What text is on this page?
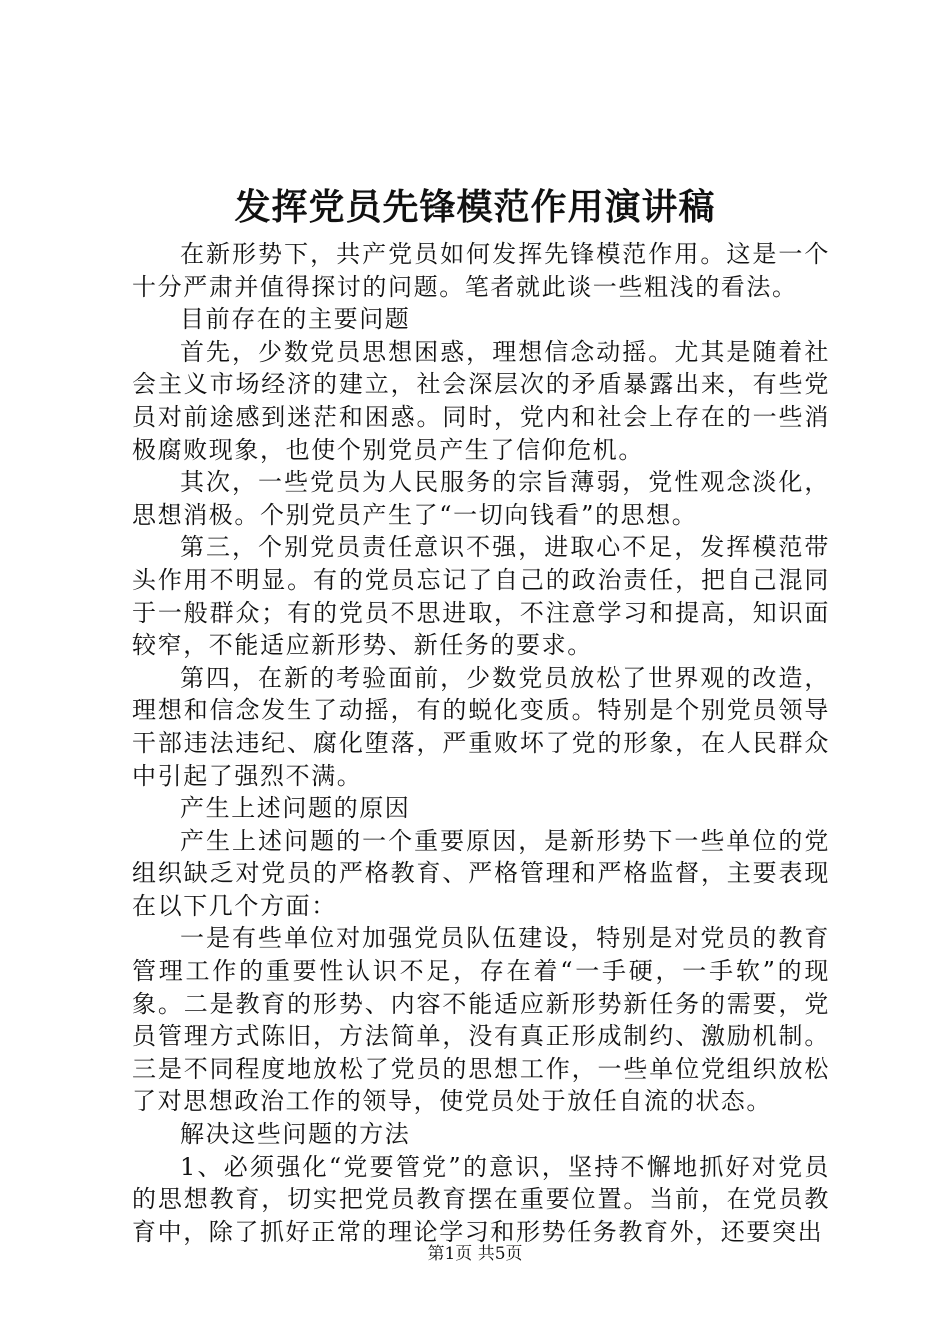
发挥党员先锋模范作用演讲稿

在新形势下，共产党员如何发挥先锋模范作用。这是一个十分严肃并值得探讨的问题。笔者就此谈一些粗浅的看法。

目前存在的主要问题

首先，少数党员思想困惑，理想信念动摇。尤其是随着社会主义市场经济的建立，社会深层次的矛盾暴露出来，有些党员对前途感到迷茫和困惑。同时，党内和社会上存在的一些消极腐败现象，也使个别党员产生了信仰危机。

其次，一些党员为人民服务的宗旨薄弱，党性观念淡化，思想消极。个别党员产生了“一切向钱看”的思想。

第三，个别党员责任意识不强，进取心不足，发挥模范带头作用不明显。有的党员忘记了自己的政治责任，把自己混同于一般群众；有的党员不思进取，不注意学习和提高，知识面较窄，不能适应新形势、新任务的要求。

第四，在新的考验面前，少数党员放松了世界观的改造，理想和信念发生了动摇，有的蜕化变质。特别是个别党员领导干部违法违纪、腐化堕落，严重败坏了党的形象，在人民群众中引起了强烈不满。

产生上述问题的原因

产生上述问题的一个重要原因，是新形势下一些单位的党组织缺乏对党员的严格教育、严格管理和严格监督，主要表现在以下几个方面：

一是有些单位对加强党员队伍建设，特别是对党员的教育管理工作的重要性认识不足，存在着“一手硬，一手软”的现象。二是教育的形势、内容不能适应新形势新任务的需要，党员管理方式陈旧，方法简单，没有真正形成制约、激励机制。三是不同程度地放松了党员的思想工作，一些单位党组织放松了对思想政治工作的领导，使党员处于放任自流的状态。

解决这些问题的方法

1、必须强化“党要管党”的意识，坚持不懈地抓好对党员的思想教育，切实把党员教育摆在重要位置。当前，在党员教育中，除了抓好正常的理论学习和形势任务教育外，还要突出

第1页 共5页
